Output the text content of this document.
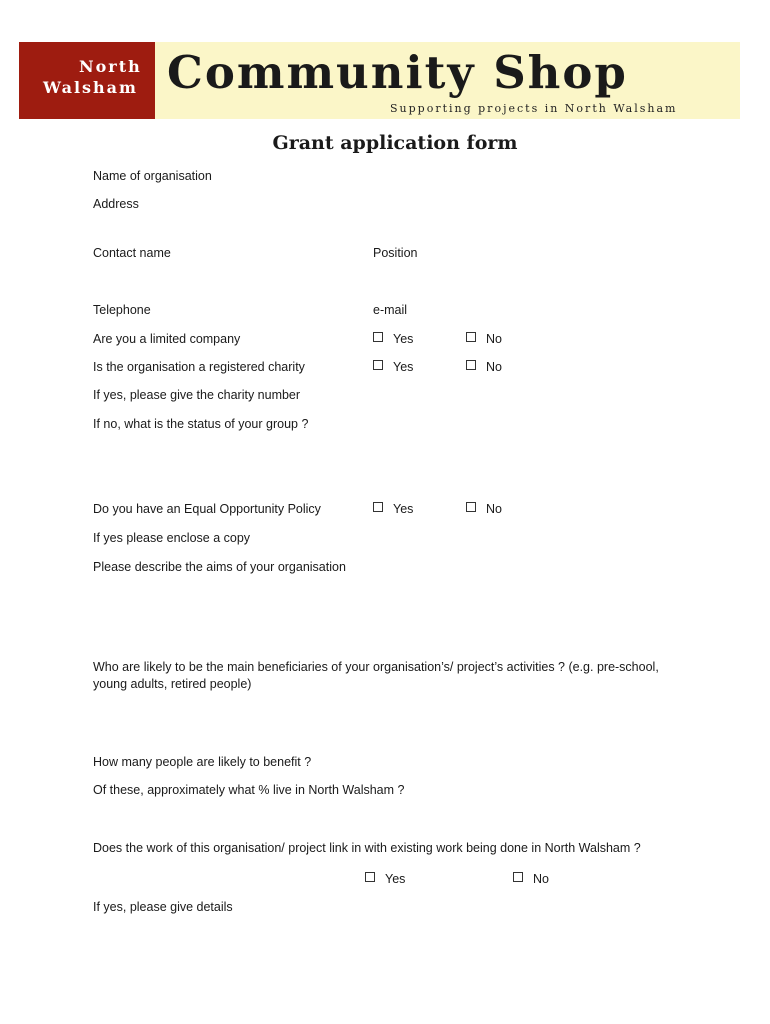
North
Walsham Community Shop
Supporting projects in North Walsham
Grant application form
Name of organisation
Address
Contact name	Position
Telephone	e-mail
Are you a limited company	Yes	No
Is the organisation a registered charity	Yes	No
If yes, please give the charity number
If no, what is the status of your group ?
Do you have an Equal Opportunity Policy	Yes	No
If yes please enclose a copy
Please describe the aims of your organisation
Who are likely to be the main beneficiaries of your organisation’s/ project’s activities ? (e.g. pre-school, young adults, retired people)
How many people are likely to benefit ?
Of these, approximately what % live in North Walsham ?
Does the work of this organisation/ project link in with existing work being done in North Walsham ?
Yes	No
If yes, please give details
